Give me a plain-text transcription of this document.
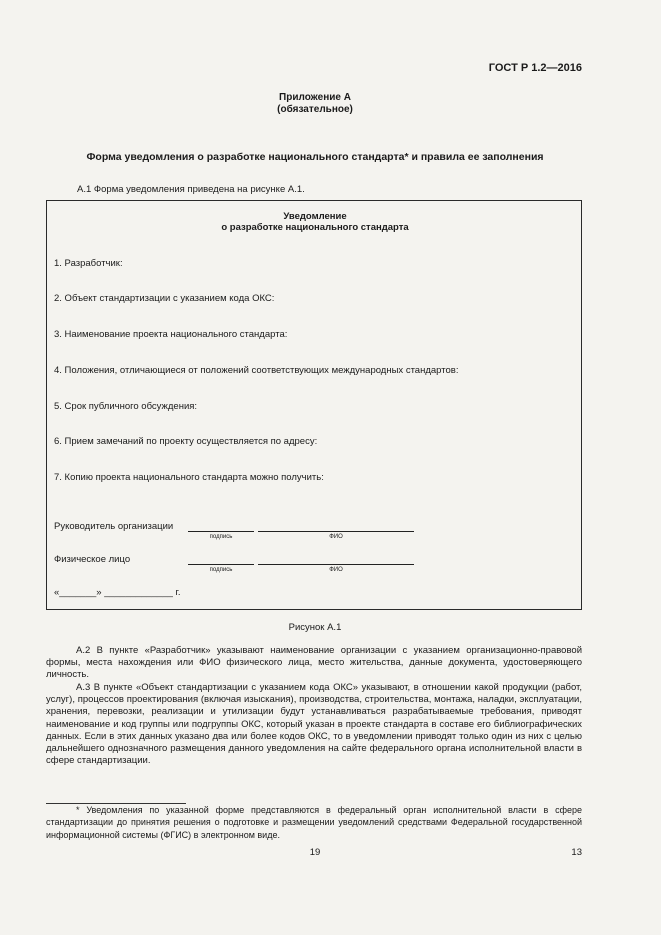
ГОСТ Р 1.2—2016
Приложение А
(обязательное)
Форма уведомления о разработке национального стандарта* и правила ее заполнения
А.1 Форма уведомления приведена на рисунке А.1.
Уведомление
о разработке национального стандарта
1. Разработчик:
2. Объект стандартизации с указанием кода ОКС:
3. Наименование проекта национального стандарта:
4. Положения, отличающиеся от положений соответствующих международных стандартов:
5. Срок публичного обсуждения:
6. Прием замечаний по проекту осуществляется по адресу:
7. Копию проекта национального стандарта можно получить:
Руководитель организации
подпись	ФИО
Физическое лицо
подпись	ФИО
«_______» _____________ г.
Рисунок А.1
А.2 В пункте «Разработчик» указывают наименование организации с указанием организационно-правовой формы, места нахождения или ФИО физического лица, место жительства, данные документа, удостоверяющего личность.
А.3 В пункте «Объект стандартизации с указанием кода ОКС» указывают, в отношении какой продукции (работ, услуг), процессов проектирования (включая изыскания), производства, строительства, монтажа, наладки, эксплуатации, хранения, перевозки, реализации и утилизации будут устанавливаться разрабатываемые требования, приводят наименование и код группы или подгруппы ОКС, который указан в проекте стандарта в составе его библиографических данных. Если в этих данных указано два или более кодов ОКС, то в уведомлении приводят только один из них с целью дальнейшего однозначного размещения данного уведомления на сайте федерального органа исполнительной власти в сфере стандартизации.
* Уведомления по указанной форме представляются в федеральный орган исполнительной власти в сфере стандартизации до принятия решения о подготовке и размещении уведомлений средствами Федеральной государственной информационной системы (ФГИС) в электронном виде.
19	13
